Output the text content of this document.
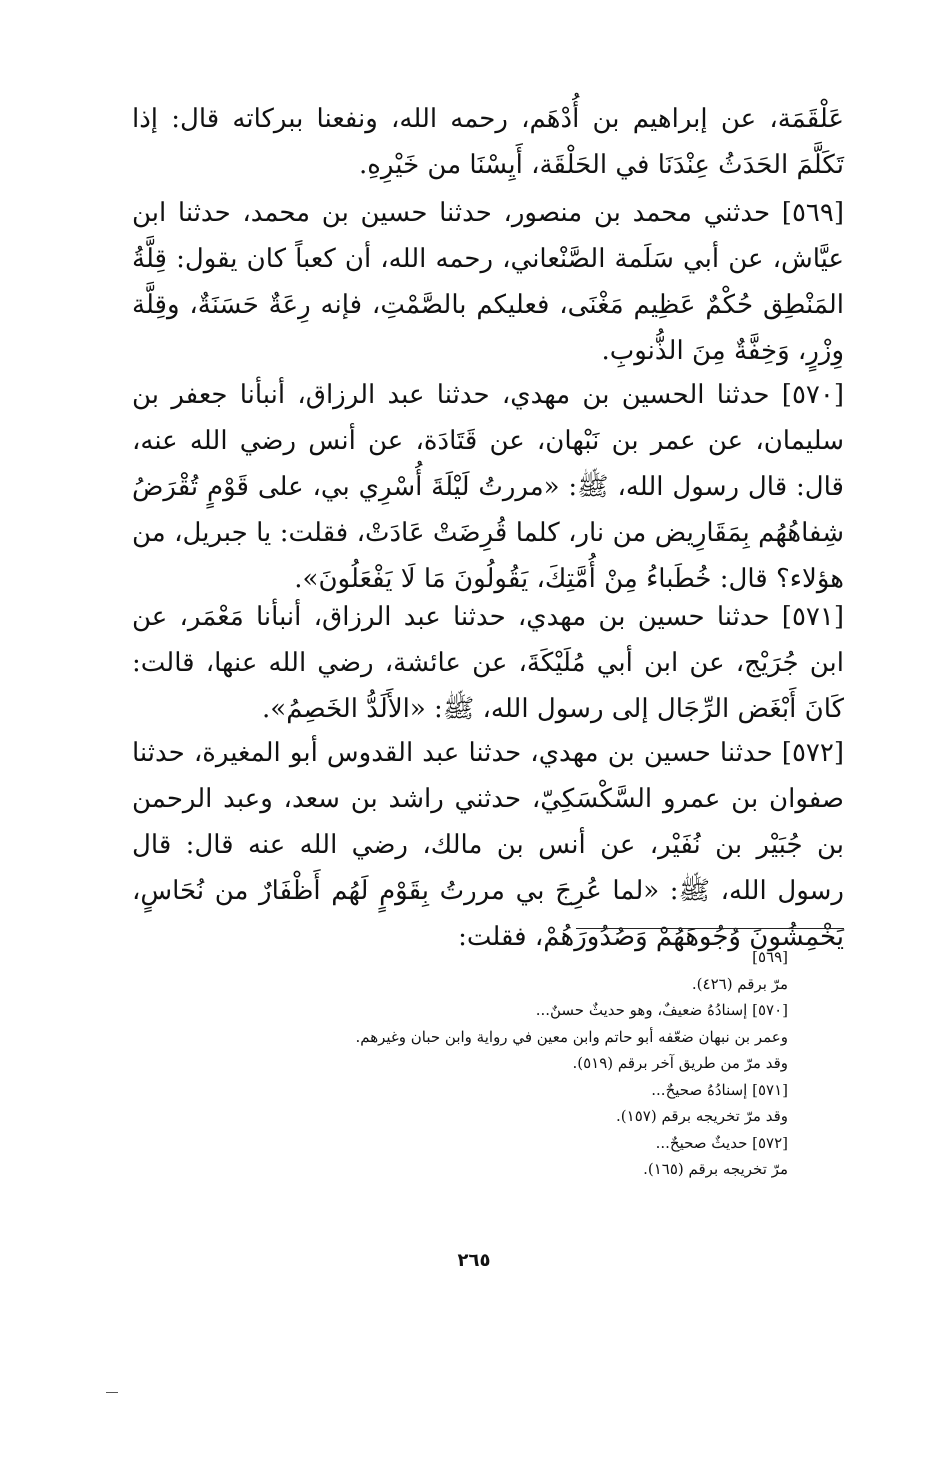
عَلْقَمَة، عن إبراهيم بن أُدْهَم، رحمه الله، ونفعنا ببركاته قال: إذا تَكَلَّمَ الحَدَثُ عِنْدَنَا في الحَلْقَة، أَيِسْنَا من خَيْرِهِ.

[٥٦٩] حدثني محمد بن منصور، حدثنا حسين بن محمد، حدثنا ابن عيَّاش، عن أبي سَلَمة الصَّنْعاني، رحمه الله، أن كعباً كان يقول: قِلَّةُ المَنْطِق حُكْمٌ عَظِيم مَغْنَى، فعليكم بالصَّمْتِ، فإنه رِعَةٌ حَسَنَةٌ، وقِلَّة وِزْرٍ، وَخِفَّةٌ مِنَ الذُّنوبِ.

[٥٧٠] حدثنا الحسين بن مهدي، حدثنا عبد الرزاق، أنبأنا جعفر بن سليمان، عن عمر بن نَبْهان، عن قَتَادَة، عن أنس رضي الله عنه، قال: قال رسول الله، ﷺ: «مررتُ لَيْلَةَ أُسْرِي بي، على قَوْمٍ تُقْرَضُ شِفاهُهُم بِمَقَارِيض من نار، كلما قُرِضَتْ عَادَتْ، فقلت: يا جبريل، من هؤلاء؟ قال: خُطَباءُ مِنْ أُمَّتِكَ، يَقُولُونَ مَا لَا يَفْعَلُونَ».

[٥٧١] حدثنا حسين بن مهدي، حدثنا عبد الرزاق، أنبأنا مَعْمَر، عن ابن جُرَيْج، عن ابن أبي مُلَيْكَةَ، عن عائشة، رضي الله عنها، قالت: كَانَ أَبْغَض الرِّجَال إلى رسول الله، ﷺ: «الأَلَدُّ الخَصِمُ».

[٥٧٢] حدثنا حسين بن مهدي، حدثنا عبد القدوس أبو المغيرة، حدثنا صفوان بن عمرو السَّكْسَكِيّ، حدثني راشد بن سعد، وعبد الرحمن بن جُبَيْر بن نُفَيْر، عن أنس بن مالك، رضي الله عنه قال: قال رسول الله، ﷺ: «لما عُرِجَ بي مررتُ بِقَوْمٍ لَهُم أَظْفَارٌ من نُحَاسٍ، يَخْمِشُونَ وُجُوهَهُمْ وَصُدُورَهُمْ، فقلت:

[٥٦٩]
مرّ برقم (٤٢٦).
[٥٧٠] إسنادُهُ ضعيفٌ، وهو حديثٌ حسنٌ...
وعمر بن نبهان ضعّفه أبو حاتم وابن معين في رواية وابن حبان وغيرهم.
وقد مرّ من طريق آخر برقم (٥١٩).
[٥٧١] إسنادُهُ صحيحٌ...
وقد مرّ تخريجه برقم (١٥٧).
[٥٧٢] حديثٌ صحيحٌ...
مرّ تخريجه برقم (١٦٥).
٢٦٥
